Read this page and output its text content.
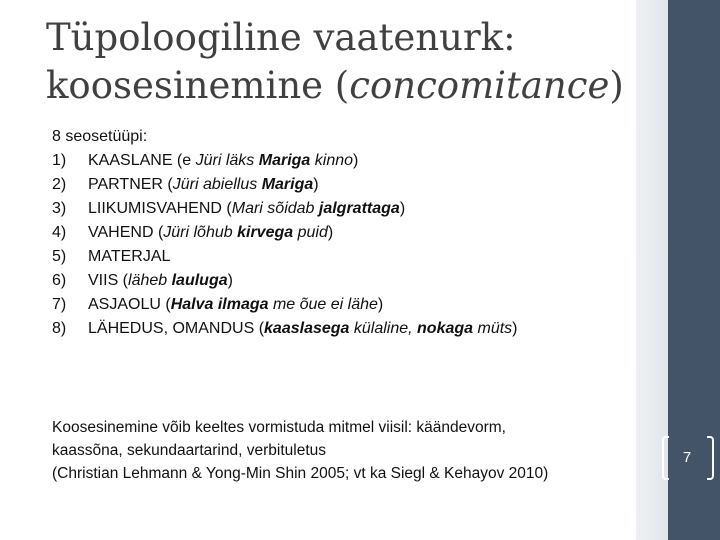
7
Tüpoloogiline vaatenurk:
koosesinemine (concomitance)
8 seosetüüpi:
1)	KAASLANE (e Jüri läks Mariga kinno)
2)	PARTNER (Jüri abiellus Mariga)
3)	LIIKUMISVAHEND (Mari sõidab jalgrattaga)
4)	VAHEND (Jüri lõhub kirvega puid)
5)	MATERJAL
6)	VIIS (läheb lauluga)
7)	ASJAOLU (Halva ilmaga me õue ei lähe)
8)	LÄHEDUS, OMANDUS (kaaslasega külaline, nokaga müts)
Koosesinemine võib keeltes vormistuda mitmel viisil: käändevorm,
kaassõna, sekundaartarind, verbituletus
(Christian Lehmann & Yong-Min Shin 2005; vt ka Siegl & Kehayov 2010)
